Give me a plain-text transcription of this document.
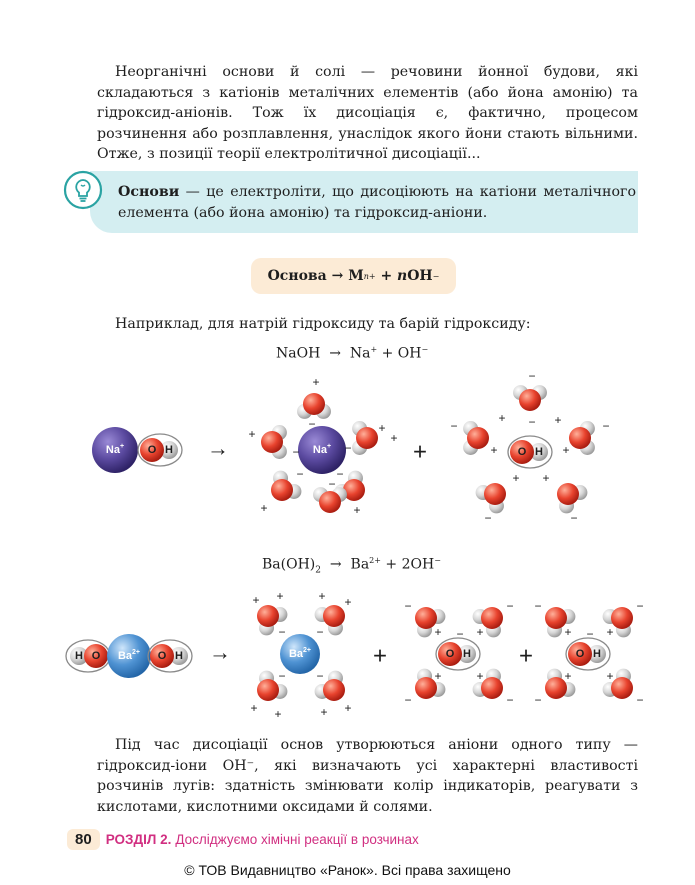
Неорганічні основи й солі — речовини йонної будови, які складаються з катіонів металічних елементів (або йона амонію) та гідроксид-аніонів. Тож їх дисоціація є, фактично, процесом розчинення або розплавлення, унаслідок якого йони стають вільними. Отже, з позиції теорії електролітичної дисоціації...

Основи — це електроліти, що дисоціюють на катіони металічного елемента (або йона амонію) та гідроксид-аніони.

Основа
→
M n+
+
n OH −

Наприклад, для натрій гідроксиду та барій гідроксиду:

NaOH → Na+ + OH−
Na+ O H →	Na+
+
+
+
+
+
+
−	−
−
−
−
−
+	O H
−
−
−
−	−
+	+
+	+
+ +
−
$Ba(OH)_2 \to Ba^{2+} + 2OH^-$
O
H	$Ba^{2+}$ O H →	$Ba^{2+}$
+ +	+ +
+ +	+ +
−	−
−	−
+	O H
−	−
−	−
+	+
+	+
−
+	O H
−	−
−	−
+	+
+	+
−

Під час дисоціації основ утворюються аніони одного типу — гідроксид-іони OH⁻, які визначають усі характерні властивості розчинів лугів: здатність змінювати колір індикаторів, реагувати з кислотами, кислотними оксидами й солями.

80	РОЗДІЛ 2. Досліджуємо хімічні реакції в розчинах
© ТОВ Видавництво «Ранок». Всі права захищено
